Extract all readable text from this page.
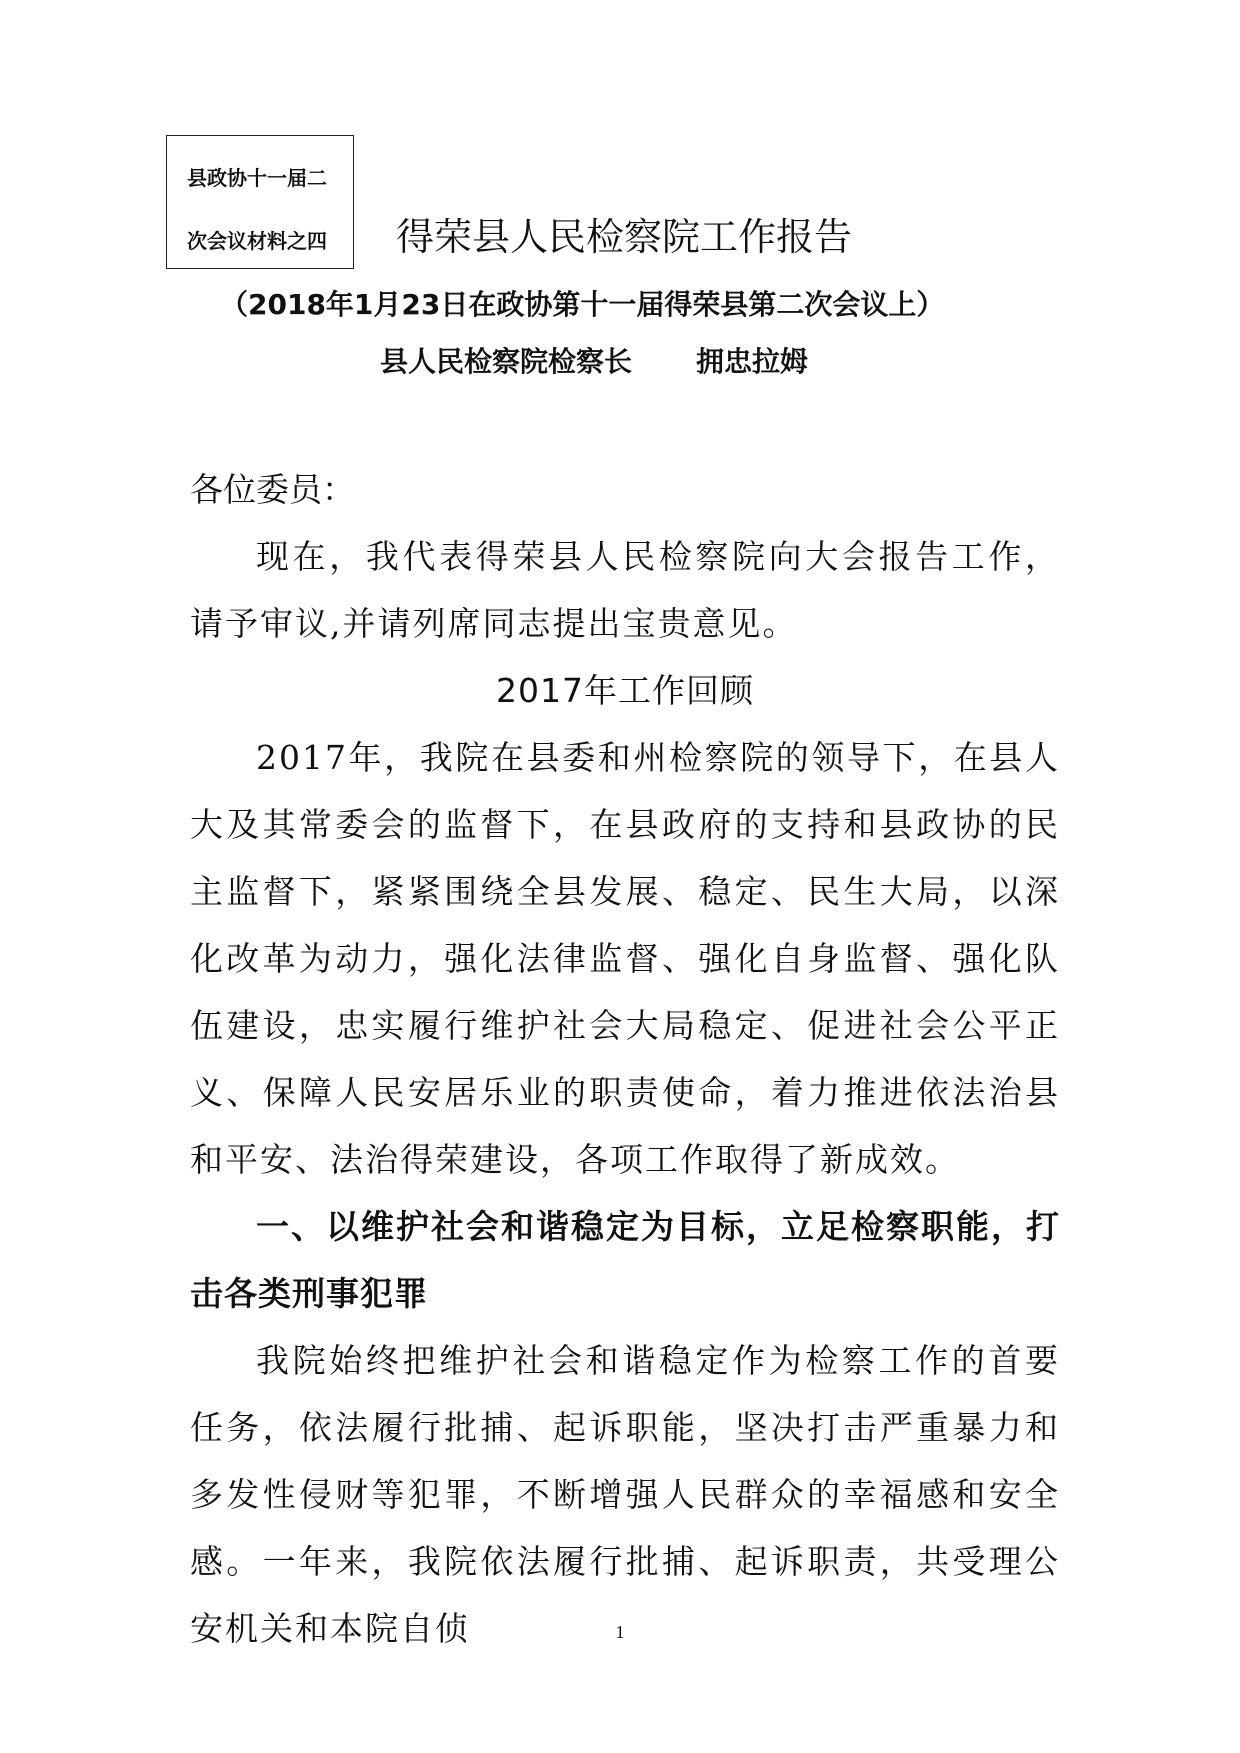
县政协十一届二
次会议材料之四	得荣县人民检察院工作报告
（2018年1月23日在政协第十一届得荣县第二次会议上）
县人民检察院检察长 拥忠拉姆

各位委员：

现在，我代表得荣县人民检察院向大会报告工作，请予审议,并请列席同志提出宝贵意见。

2017年工作回顾

2017年，我院在县委和州检察院的领导下，在县人大及其常委会的监督下，在县政府的支持和县政协的民主监督下，紧紧围绕全县发展、稳定、民生大局，以深化改革为动力，强化法律监督、强化自身监督、强化队伍建设，忠实履行维护社会大局稳定、促进社会公平正义、保障人民安居乐业的职责使命，着力推进依法治县和平安、法治得荣建设，各项工作取得了新成效。

一、以维护社会和谐稳定为目标，立足检察职能，打击各类刑事犯罪

我院始终把维护社会和谐稳定作为检察工作的首要任务，依法履行批捕、起诉职能，坚决打击严重暴力和多发性侵财等犯罪，不断增强人民群众的幸福感和安全感。一年来，我院依法履行批捕、起诉职责，共受理公安机关和本院自侦	1
